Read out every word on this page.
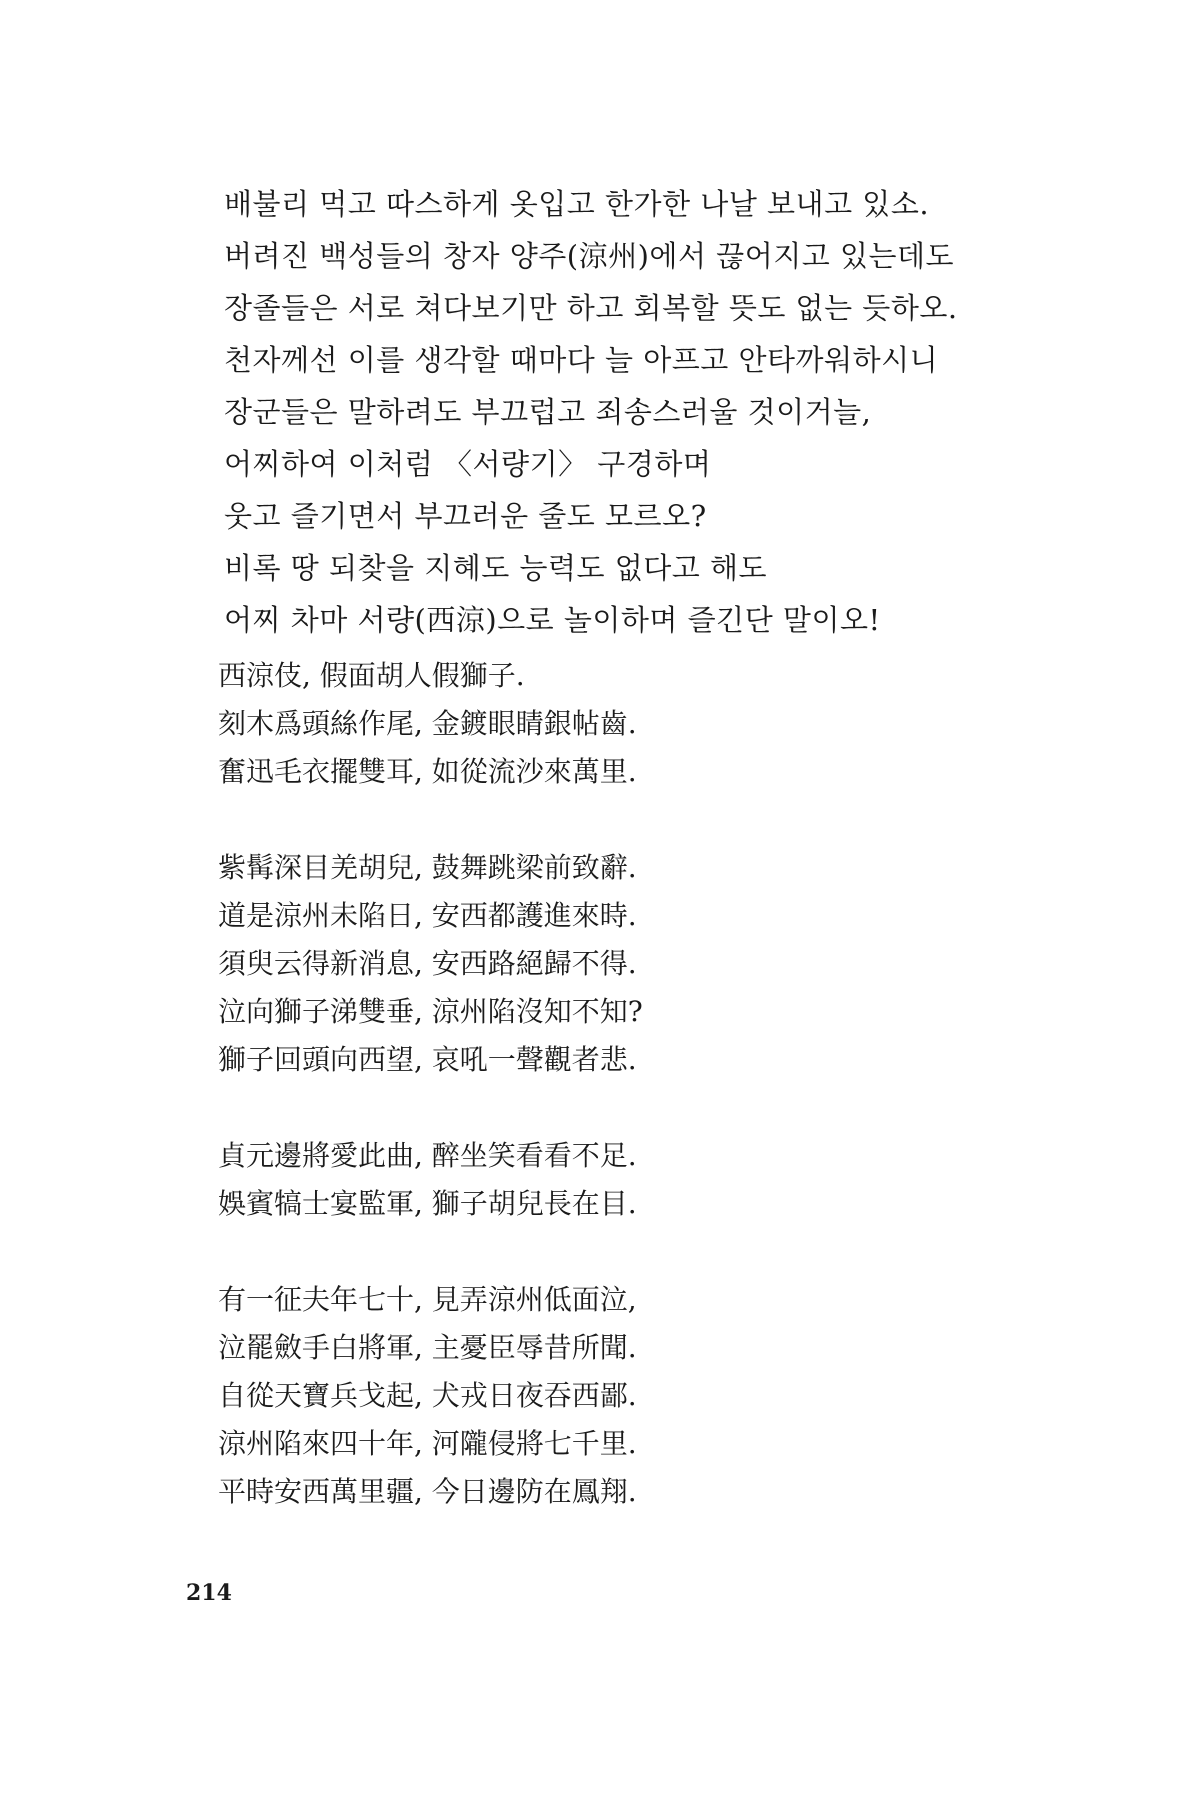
배불리 먹고 따스하게 옷입고 한가한 나날 보내고 있소.
버려진 백성들의 창자 양주(涼州)에서 끊어지고 있는데도
장졸들은 서로 쳐다보기만 하고 회복할 뜻도 없는 듯하오.
천자께선 이를 생각할 때마다 늘 아프고 안타까워하시니
장군들은 말하려도 부끄럽고 죄송스러울 것이거늘,
어찌하여 이처럼 〈서량기〉 구경하며
웃고 즐기면서 부끄러운 줄도 모르오?
비록 땅 되찾을 지혜도 능력도 없다고 해도
어찌 차마 서량(西涼)으로 놀이하며 즐긴단 말이오!
西涼伎, 假面胡人假獅子.
刻木爲頭絲作尾, 金鍍眼睛銀帖齒.
奮迅毛衣擺雙耳, 如從流沙來萬里.
紫髯深目羌胡兒, 鼓舞跳梁前致辭.
道是涼州未陷日, 安西都護進來時.
須臾云得新消息, 安西路絕歸不得.
泣向獅子涕雙垂, 涼州陷沒知不知?
獅子回頭向西望, 哀吼一聲觀者悲.
貞元邊將愛此曲, 醉坐笑看看不足.
娛賓犒士宴監軍, 獅子胡兒長在目.
有一征夫年七十, 見弄涼州低面泣,
泣罷斂手白將軍, 主憂臣辱昔所聞.
自從天寶兵戈起, 犬戎日夜吞西鄙.
涼州陷來四十年, 河隴侵將七千里.
平時安西萬里疆, 今日邊防在鳳翔.
214
